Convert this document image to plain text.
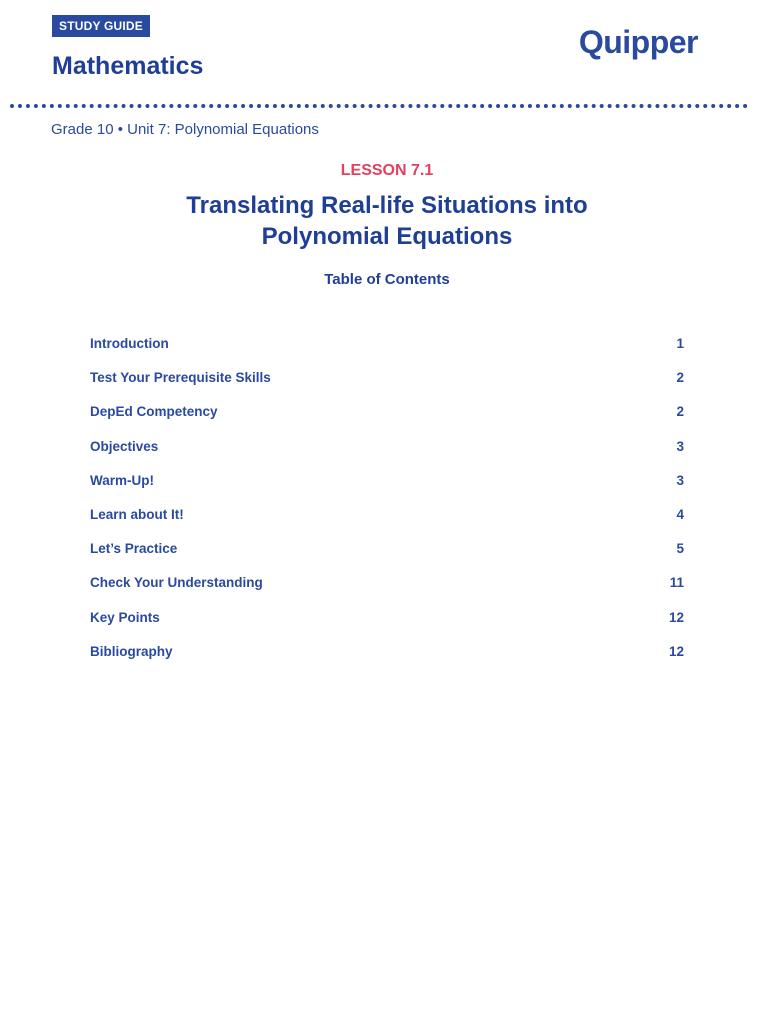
STUDY GUIDE
Mathematics
Quipper
Grade 10 • Unit 7: Polynomial Equations
LESSON 7.1
Translating Real-life Situations into
Polynomial Equations
Table of Contents
Introduction	1
Test Your Prerequisite Skills	2
DepEd Competency	2
Objectives	3
Warm-Up!	3
Learn about It!	4
Let’s Practice	5
Check Your Understanding	11
Key Points	12
Bibliography	12
